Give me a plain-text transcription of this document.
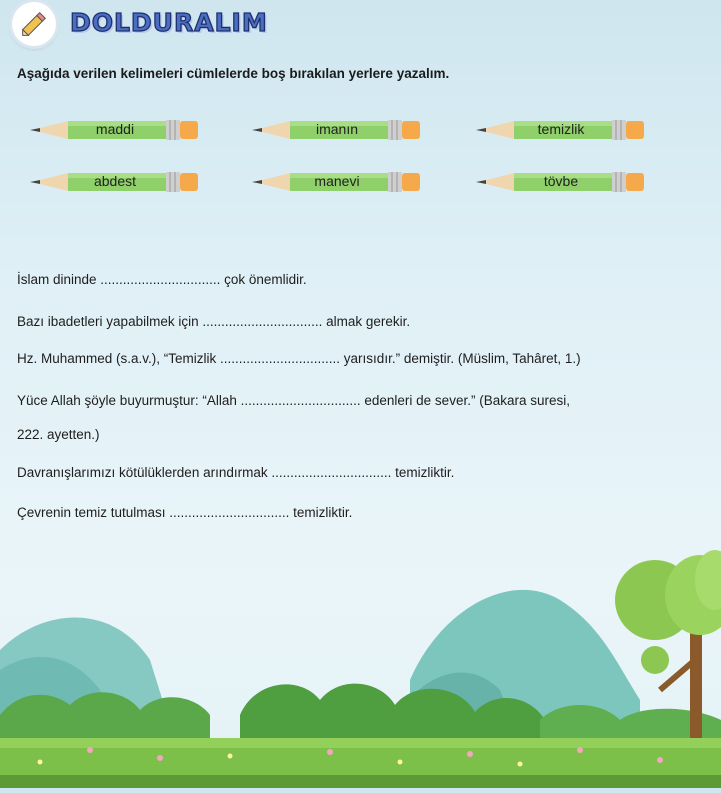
DOLDURALIM
Aşağıda verilen kelimeleri cümlelerde boş bırakılan yerlere yazalım.
maddi	imanın	temizlik
abdest	manevi	tövbe
İslam dininde ................................ çok önemlidir.
Bazı ibadetleri yapabilmek için ................................ almak gerekir.
Hz. Muhammed (s.a.v.), “Temizlik ................................ yarısıdır.” demiştir. (Müslim, Tahâret, 1.)
Yüce Allah şöyle buyurmuştur: “Allah ................................ edenleri de sever.” (Bakara suresi,
222. ayetten.)
Davranışlarımızı kötülüklerden arındırmak ................................ temizliktir.
Çevrenin temiz tutulması ................................ temizliktir.
